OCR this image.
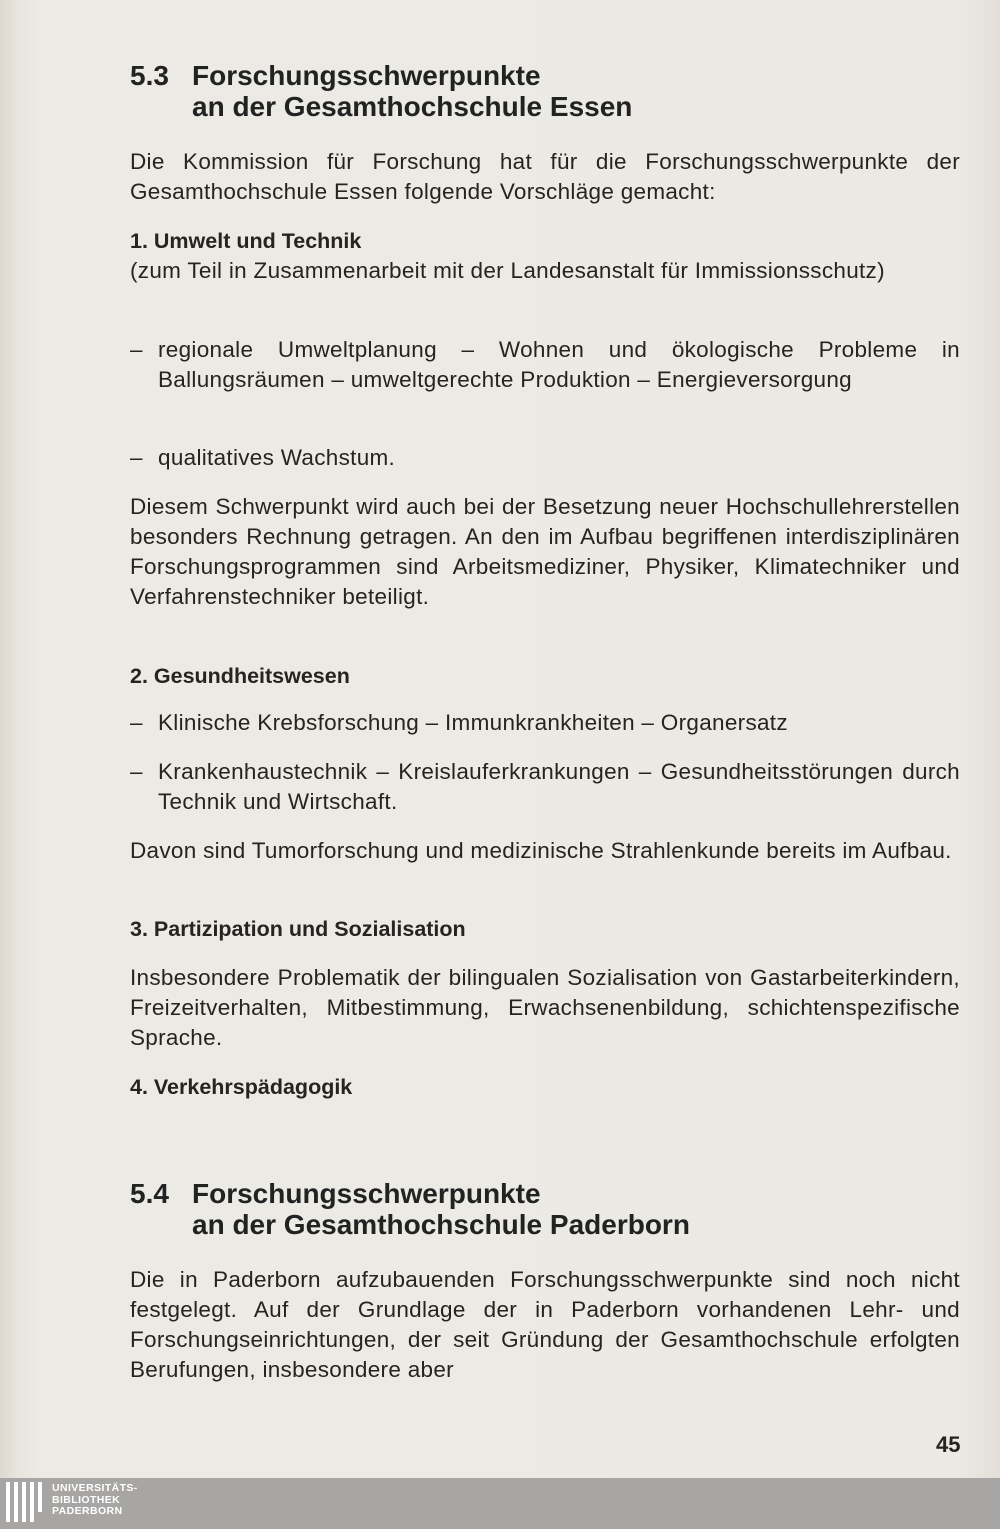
5.3 Forschungsschwerpunkte
an der Gesamthochschule Essen
Die Kommission für Forschung hat für die Forschungsschwerpunkte der Gesamthochschule Essen folgende Vorschläge gemacht:
1. Umwelt und Technik
(zum Teil in Zusammenarbeit mit der Landesanstalt für Immissionsschutz)
– regionale Umweltplanung – Wohnen und ökologische Probleme in Ballungsräumen – umweltgerechte Produktion – Energieversorgung
– qualitatives Wachstum.
Diesem Schwerpunkt wird auch bei der Besetzung neuer Hochschullehrerstellen besonders Rechnung getragen. An den im Aufbau begriffenen interdisziplinären Forschungsprogrammen sind Arbeitsmediziner, Physiker, Klimatechniker und Verfahrenstechniker beteiligt.
2. Gesundheitswesen
– Klinische Krebsforschung – Immunkrankheiten – Organersatz
– Krankenhaustechnik – Kreislauferkrankungen – Gesundheitsstörungen durch Technik und Wirtschaft.
Davon sind Tumorforschung und medizinische Strahlenkunde bereits im Aufbau.
3. Partizipation und Sozialisation
Insbesondere Problematik der bilingualen Sozialisation von Gastarbeiterkindern, Freizeitverhalten, Mitbestimmung, Erwachsenenbildung, schichtenspezifische Sprache.
4. Verkehrspädagogik
5.4 Forschungsschwerpunkte
an der Gesamthochschule Paderborn
Die in Paderborn aufzubauenden Forschungsschwerpunkte sind noch nicht festgelegt. Auf der Grundlage der in Paderborn vorhandenen Lehr- und Forschungseinrichtungen, der seit Gründung der Gesamthochschule erfolgten Berufungen, insbesondere aber
45
UNIVERSITÄTS-
BIBLIOTHEK
PADERBORN
